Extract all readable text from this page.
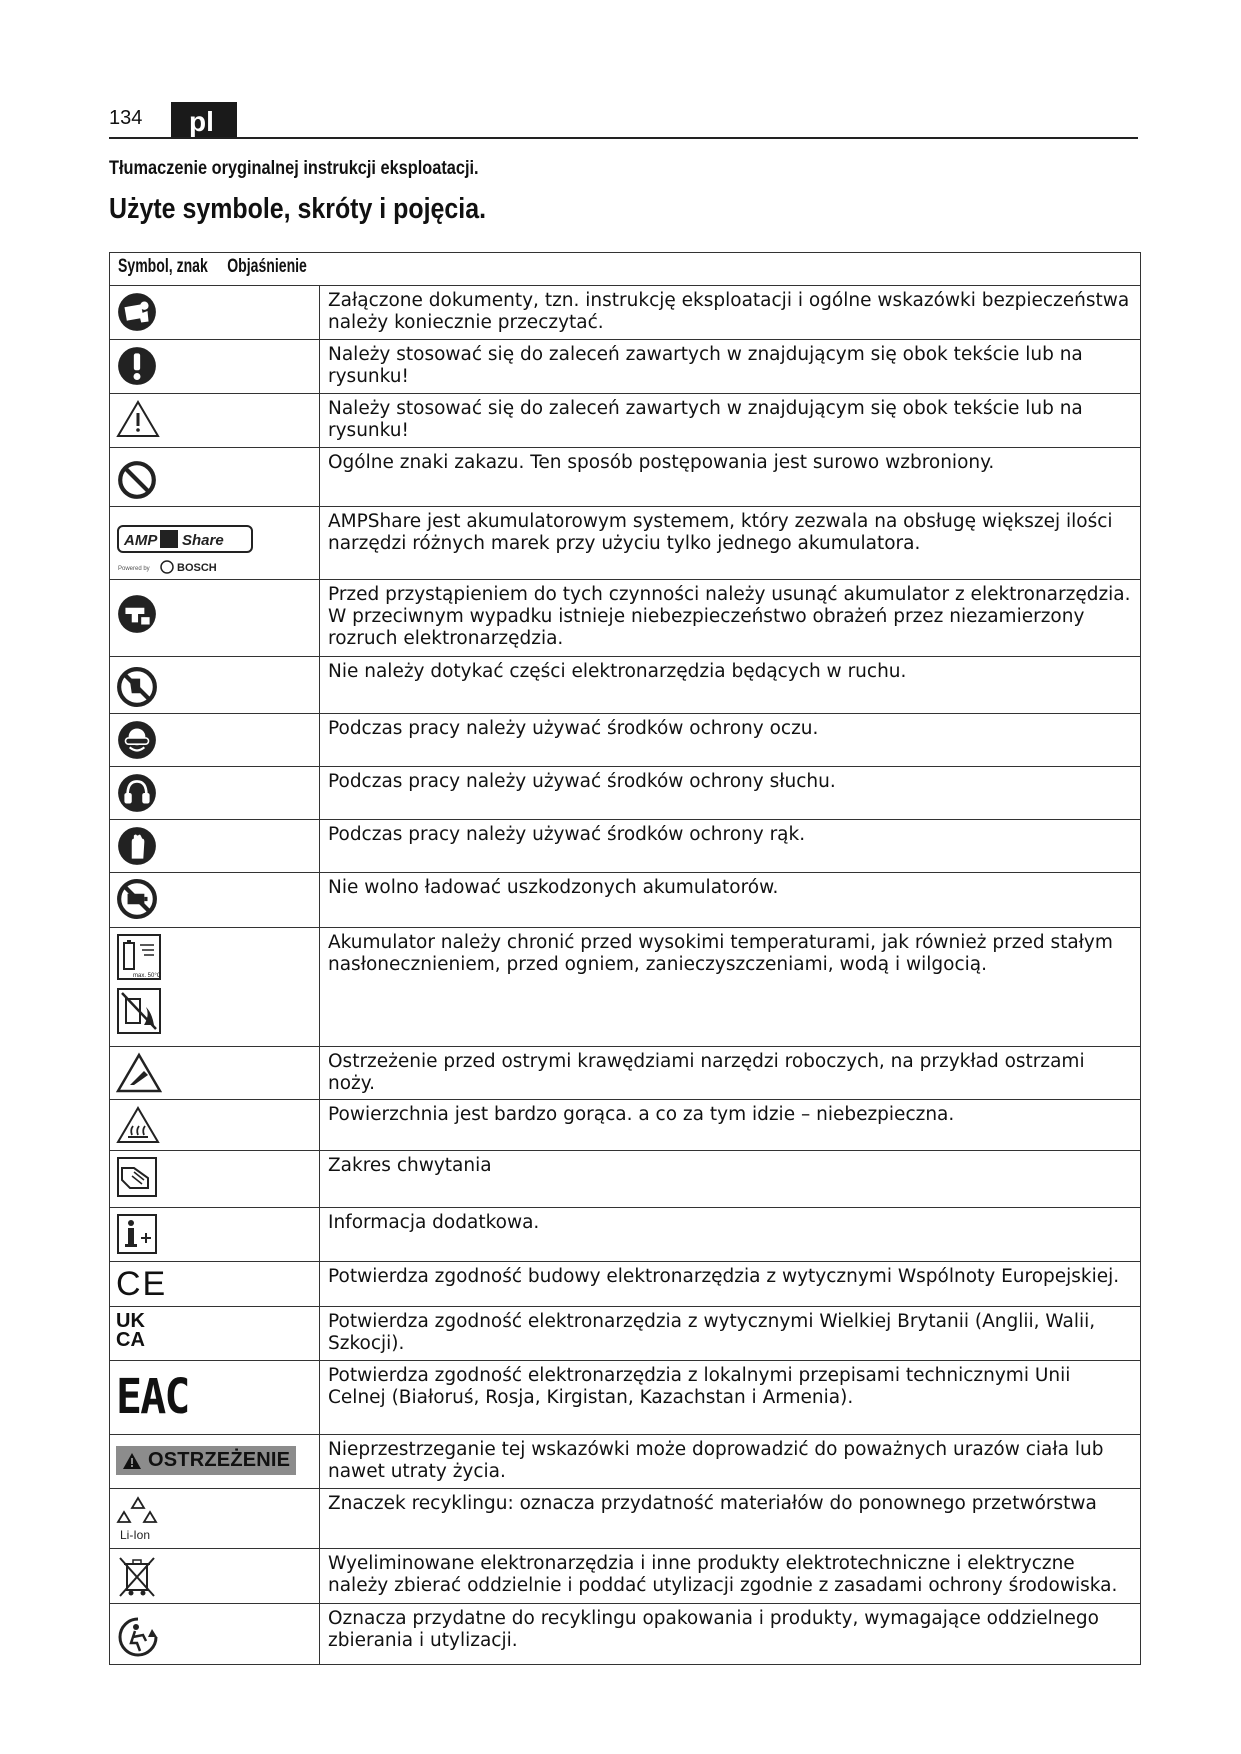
134	pl
Tłumaczenie oryginalnej instrukcji eksploatacji.
Użyte symbole, skróty i pojęcia.
Symbol, znak Objaśnienie	

	Załączone dokumenty, tzn. instrukcję eksploatacji i ogólne wskazówki bezpieczeństwa należy koniecznie przeczytać.

	Należy stosować się do zaleceń zawartych w znajdującym się obok tekście lub na rysunku!

	Należy stosować się do zaleceń zawartych w znajdującym się obok tekście lub na rysunku!

	Ogólne znaki zakazu. Ten sposób postępowania jest surowo wzbroniony.

AMP Share
Powered by BOSCH	AMPShare jest akumulatorowym systemem, który zezwala na obsługę większej ilości narzędzi różnych marek przy użyciu tylko jednego akumulatora.

	Przed przystąpieniem do tych czynności należy usunąć akumulator z elektronarzędzia. W przeciwnym wypadku istnieje niebezpieczeństwo obrażeń przez niezamierzony rozruch elektronarzędzia.

	Nie należy dotykać części elektronarzędzia będących w ruchu.

	Podczas pracy należy używać środków ochrony oczu.

	Podczas pracy należy używać środków ochrony słuchu.

	Podczas pracy należy używać środków ochrony rąk.

	Nie wolno ładować uszkodzonych akumulatorów.

max. 50°C	Akumulator należy chronić przed wysokimi temperaturami, jak również przed stałym nasłonecznieniem, przed ogniem, zanieczyszczeniami, wodą i wilgocią.

	Ostrzeżenie przed ostrymi krawędziami narzędzi roboczych, na przykład ostrzami noży.

	Powierzchnia jest bardzo gorąca. a co za tym idzie – niebezpieczna.

	Zakres chwytania

	Informacja dodatkowa.

CE	Potwierdza zgodność budowy elektronarzędzia z wytycznymi Wspólnoty Europejskiej.

UK
CA	Potwierdza zgodność elektronarzędzia z wytycznymi Wielkiej Brytanii (Anglii, Walii, Szkocji).

EAC	Potwierdza zgodność elektronarzędzia z lokalnymi przepisami technicznymi Unii Celnej (Białoruś, Rosja, Kirgistan, Kazachstan i Armenia).

OSTRZEŻENIE	Nieprzestrzeganie tej wskazówki może doprowadzić do poważnych urazów ciała lub nawet utraty życia.

Li-Ion	Znaczek recyklingu: oznacza przydatność materiałów do ponownego przetwórstwa

	Wyeliminowane elektronarzędzia i inne produkty elektrotechniczne i elektryczne należy zbierać oddzielnie i poddać utylizacji zgodnie z zasadami ochrony środowiska.

	Oznacza przydatne do recyklingu opakowania i produkty, wymagające oddzielnego zbierania i utylizacji.
